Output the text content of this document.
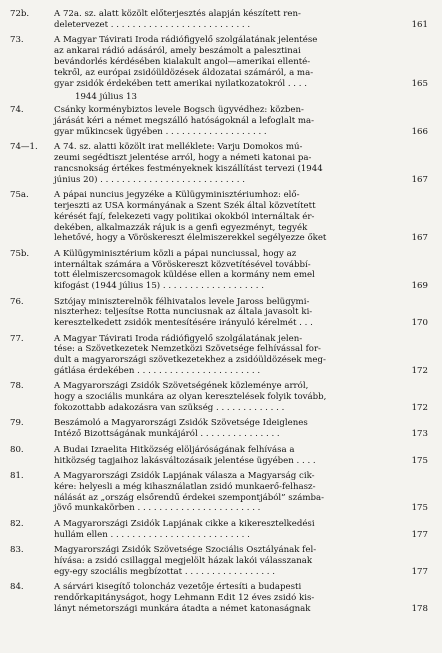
72b.	A 72a. sz. alatt közölt előterjesztés alapján készített ren-
deletervezet . . . . . . . . . . . . . . . . . . . . . . . . . .	161
73.	A Magyar Távirati Iroda rádiófigyelő szolgálatának jelentése
az ankarai rádió adásáról, amely beszámolt a palesztinai
bevándorlés kérdésében kialakult angol—amerikai ellenté-
tekről, az európai zsidóüldözések áldozatai számáról, a ma-
gyar zsidók érdekében tett amerikai nyilatkozatokról . . . .	165
1944 július 13
74.	Csánky korménybiztos levele Bogsch ügyvédhez: közben-
járását kéri a német megszálló hatóságoknál a lefoglalt ma-
gyar műkincsek ügyében . . . . . . . . . . . . . . . . . . .	166
74—1.	A 74. sz. alatti közölt irat melléklete: Varju Domokos mú-
zeumi segédtiszt jelentése arról, hogy a németi katonai pa-
rancsnokság értékes festményeknek kiszállítást tervezi (1944
június 20) . . . . . . . . . . . . . . . . . . . . . . . . . . .	167
75a.	A pápai nuncius jegyzéke a Külügyminisztériumhoz: elő-
terjeszti az USA kormányának a Szent Szék által közvetített
kérését fají, felekezeti vagy politikai okokból internáltak ér-
dekében, alkalmazzák rájuk is a genfi egyezményt, tegyék
lehetővé, hogy a Vöröskereszt élelmiszerekkel segélyezze őket	167
75b.	A Külügyminisztérium közli a pápai nunciussal, hogy az
internáltak számára a Vöröskereszt közvetítésével továbbí-
tott élelmiszercsomagok küldése ellen a kormány nem emel
kifogást (1944 július 15) . . . . . . . . . . . . . . . . . . .	169
76.	Sztójay miniszterelnök félhivatalos levele Jaross belügymi-
niszterhez: teljesítse Rotta nunciusnak az általa javasolt ki-
keresztelkedett zsidók mentesítésére irányuló kérelmét . . .	170
77.	A Magyar Távirati Iroda rádiófigyelő szolgálatának jelen-
tése: a Szövetkezetek Nemzetközi Szövetsége felhívással for-
dult a magyarországi szövetkezetekhez a zsidóüldözések meg-
gátlása érdekében . . . . . . . . . . . . . . . . . . . . . . .	172
78.	A Magyarországi Zsidók Szövetségének közleménye arról,
hogy a szociális munkára az olyan keresztelések folyik tovább,
fokozottabb adakozásra van szükség . . . . . . . . . . . . .	172
79.	Beszámoló a Magyarországi Zsidók Szövetsége Ideiglenes
Intéző Bizottságának munkájáról . . . . . . . . . . . . . . .	173
80.	A Budai Izraelita Hitközség elöljáróságának felhívása a
hitközség tagjaihoz lakásváltozásaik jelentése ügyében . . . .	175
81.	A Magyarországi Zsidók Lapjának válasza a Magyarság cik-
kére: helyesli a még kihasználatlan zsidó munkaerő-felhasz-
nálását az „ország elsőrendű érdekei szempontjából” számba-
jövő munkakörben . . . . . . . . . . . . . . . . . . . . . . .	175
82.	A Magyarországi Zsidók Lapjának cikke a kikeresztelkedési
hullám ellen . . . . . . . . . . . . . . . . . . . . . . . . . .	177
83.	Magyarországi Zsidók Szövetsége Szociális Osztályának fel-
hívása: a zsidó csillaggal megjelölt házak lakói válasszanak
egy-egy szociális megbízottat . . . . . . . . . . . . . . . . .	177
84.	A sárvári kisegítő toloncház vezetője értesíti a budapesti
rendőrkapitányságot, hogy Lehmann Edit 12 éves zsidó kis-
lányt németországi munkára átadta a német katonaságnak	178
